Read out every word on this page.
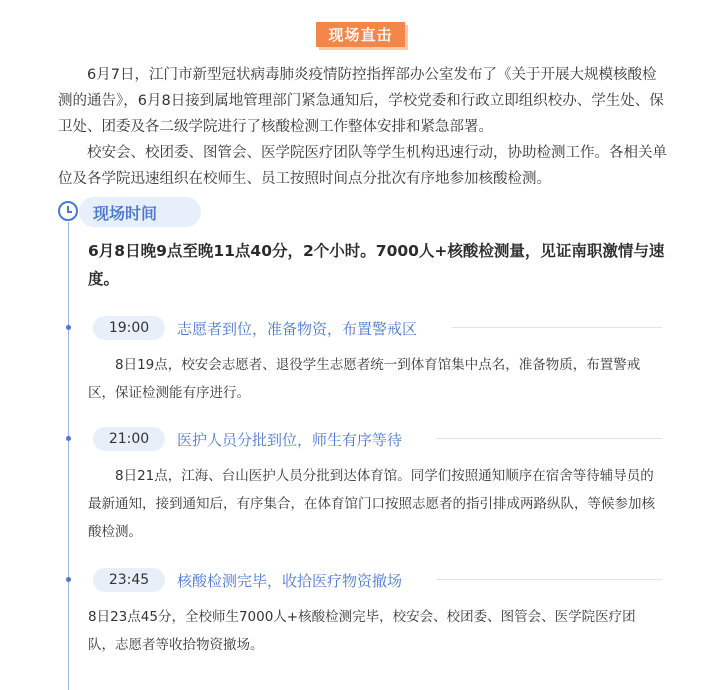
现场直击

6月7日，江门市新型冠状病毒肺炎疫情防控指挥部办公室发布了《关于开展大规模核酸检测的通告》，6月8日接到属地管理部门紧急通知后，学校党委和行政立即组织校办、学生处、保卫处、团委及各二级学院进行了核酸检测工作整体安排和紧急部署。

校安会、校团委、图管会、医学院医疗团队等学生机构迅速行动，协助检测工作。各相关单位及各学院迅速组织在校师生、员工按照时间点分批次有序地参加核酸检测。

现场时间
6月8日晚9点至晚11点40分，2个小时。7000人+核酸检测量，见证南职激情与速度。
19:00	志愿者到位，准备物资，布置警戒区
8日19点，校安会志愿者、退役学生志愿者统一到体育馆集中点名，准备物质，布置警戒区，保证检测能有序进行。
21:00	医护人员分批到位，师生有序等待
8日21点，江海、台山医护人员分批到达体育馆。同学们按照通知顺序在宿舍等待辅导员的最新通知，接到通知后，有序集合，在体育馆门口按照志愿者的指引排成两路纵队，等候参加核酸检测。
23:45	核酸检测完毕，收拾医疗物资撤场
8日23点45分，全校师生7000人+核酸检测完毕，校安会、校团委、图管会、医学院医疗团队，志愿者等收拾物资撤场。
